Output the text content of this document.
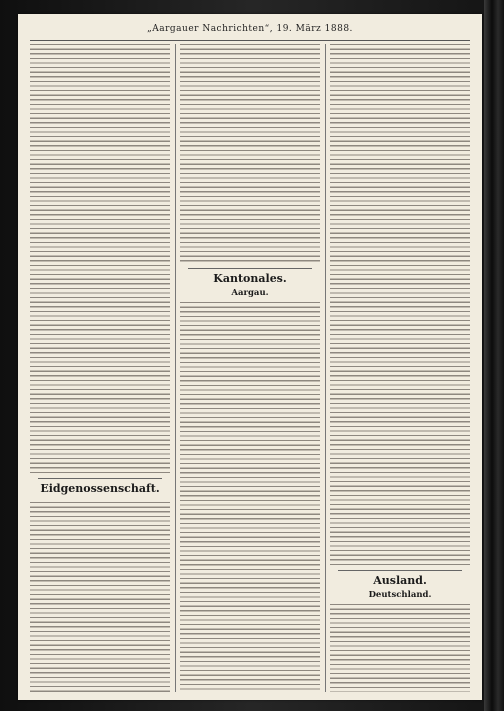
„Aargauer Nachrichten“, 19. März 1888.
Eidgenossenschaft.
Kantonales.
Aargau.
Ausland.
Deutschland.
